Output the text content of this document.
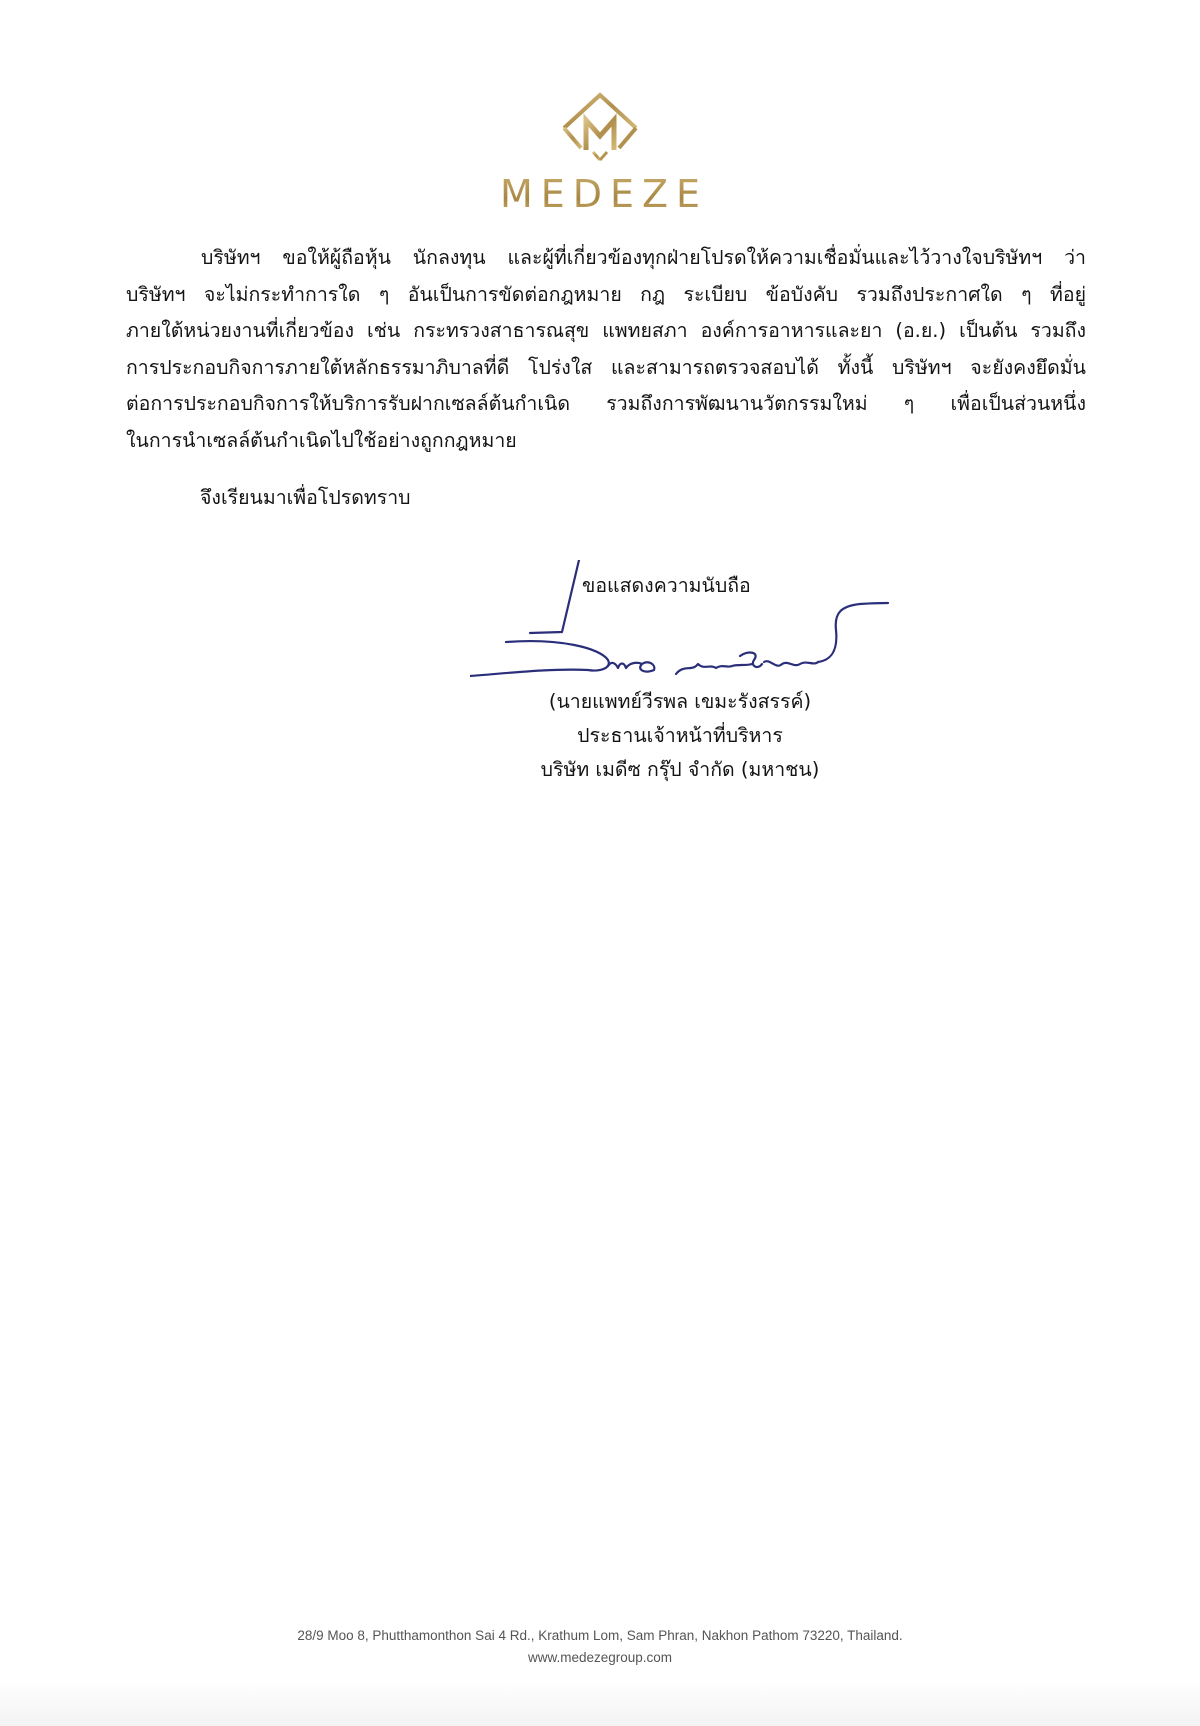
MEDEZE
บริษัทฯ ขอให้ผู้ถือหุ้น นักลงทุน และผู้ที่เกี่ยวข้องทุกฝ่ายโปรดให้ความเชื่อมั่นและไว้วางใจบริษัทฯ ว่า
บริษัทฯ จะไม่กระทำการใด ๆ อันเป็นการขัดต่อกฎหมาย กฎ ระเบียบ ข้อบังคับ รวมถึงประกาศใด ๆ ที่อยู่
ภายใต้หน่วยงานที่เกี่ยวข้อง เช่น กระทรวงสาธารณสุข แพทยสภา องค์การอาหารและยา (อ.ย.) เป็นต้น รวมถึง
การประกอบกิจการภายใต้หลักธรรมาภิบาลที่ดี โปร่งใส และสามารถตรวจสอบได้ ทั้งนี้ บริษัทฯ จะยังคงยึดมั่น
ต่อการประกอบกิจการให้บริการรับฝากเซลล์ต้นกำเนิด รวมถึงการพัฒนานวัตกรรมใหม่ ๆ เพื่อเป็นส่วนหนึ่ง
ในการนำเซลล์ต้นกำเนิดไปใช้อย่างถูกกฎหมาย
จึงเรียนมาเพื่อโปรดทราบ
ขอแสดงความนับถือ
(นายแพทย์วีรพล เขมะรังสรรค์)
ประธานเจ้าหน้าที่บริหาร
บริษัท เมดีซ กรุ๊ป จำกัด (มหาชน)
28/9 Moo 8, Phutthamonthon Sai 4 Rd., Krathum Lom, Sam Phran, Nakhon Pathom 73220, Thailand.
www.medezegroup.com
